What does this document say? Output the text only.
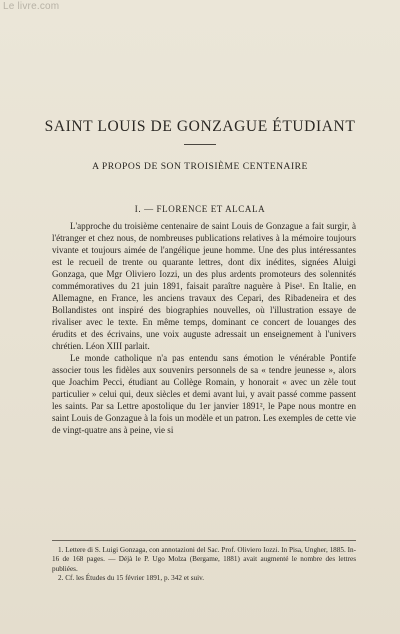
Le livre.com
SAINT LOUIS DE GONZAGUE ÉTUDIANT
A PROPOS DE SON TROISIÈME CENTENAIRE
I. — FLORENCE ET ALCALA

L'approche du troisième centenaire de saint Louis de Gonzague a fait surgir, à l'étranger et chez nous, de nombreuses publications relatives à la mémoire toujours vivante et toujours aimée de l'angélique jeune homme. Une des plus intéressantes est le recueil de trente ou quarante lettres, dont dix inédites, signées Aluigi Gonzaga, que Mgr Oliviero Iozzi, un des plus ardents promoteurs des solennités commémoratives du 21 juin 1891, faisait paraître naguère à Pise¹. En Italie, en Allemagne, en France, les anciens travaux des Cepari, des Ribadeneira et des Bollandistes ont inspiré des biographies nouvelles, où l'illustration essaye de rivaliser avec le texte. En même temps, dominant ce concert de louanges des érudits et des écrivains, une voix auguste adressait un enseignement à l'univers chrétien. Léon XIII parlait.

Le monde catholique n'a pas entendu sans émotion le vénérable Pontife associer tous les fidèles aux souvenirs personnels de sa « tendre jeunesse », alors que Joachim Pecci, étudiant au Collège Romain, y honorait « avec un zèle tout particulier » celui qui, deux siècles et demi avant lui, y avait passé comme passent les saints. Par sa Lettre apostolique du 1er janvier 1891², le Pape nous montre en saint Louis de Gonzague à la fois un modèle et un patron. Les exemples de cette vie de vingt-quatre ans à peine, vie si

1. Lettere di S. Luigi Gonzaga, con annotazioni del Sac. Prof. Oliviero Iozzi. In Pisa, Ungher, 1885. In-16 de 168 pages. — Déjà le P. Ugo Molza (Bergame, 1881) avait augmenté le nombre des lettres publiées.

2. Cf. les Études du 15 février 1891, p. 342 et suiv.
